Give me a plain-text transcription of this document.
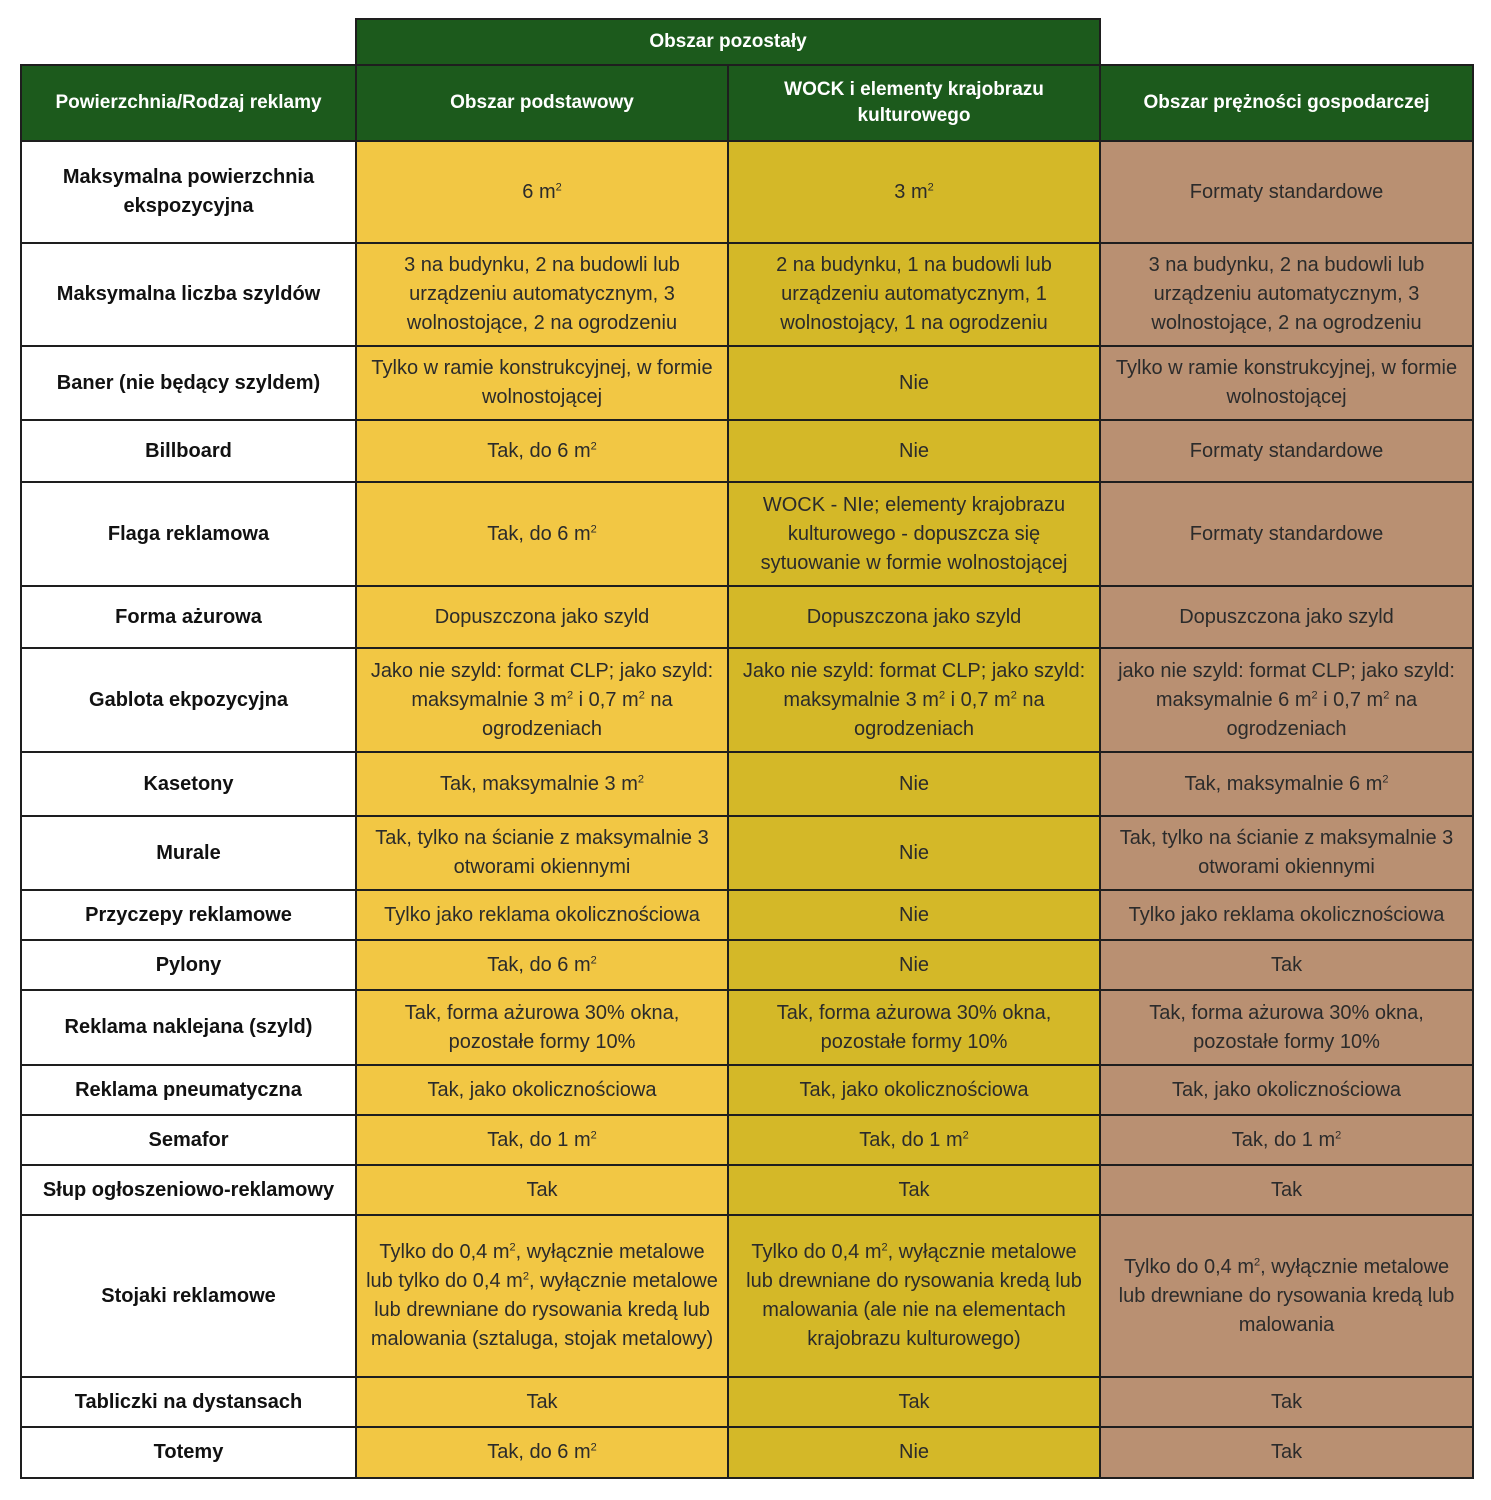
	Obszar pozostały		
Powierzchnia/Rodzaj reklamy	Obszar podstawowy	WOCK i elementy krajobrazu kulturowego	Obszar prężności gospodarczej
Maksymalna powierzchnia ekspozycyjna	6 $m^2$	3 $m^2$	Formaty standardowe
Maksymalna liczba szyldów	3 na budynku, 2 na budowli lub urządzeniu automatycznym, 3 wolnostojące, 2 na ogrodzeniu	2 na budynku, 1 na budowli lub urządzeniu automatycznym, 1 wolnostojący, 1 na ogrodzeniu	3 na budynku, 2 na budowli lub urządzeniu automatycznym, 3 wolnostojące, 2 na ogrodzeniu
Baner (nie będący szyldem)	Tylko w ramie konstrukcyjnej, w formie wolnostojącej	Nie	Tylko w ramie konstrukcyjnej, w formie wolnostojącej
Billboard	Tak, do 6 $m^2$	Nie	Formaty standardowe
Flaga reklamowa	Tak, do 6 $m^2$	WOCK - NIe; elementy krajobrazu kulturowego - dopuszcza się sytuowanie w formie wolnostojącej	Formaty standardowe
Forma ażurowa	Dopuszczona jako szyld	Dopuszczona jako szyld	Dopuszczona jako szyld
Gablota ekpozycyjna	Jako nie szyld: format CLP; jako szyld: maksymalnie 3 $m^2$ i 0,7 $m^2$ na ogrodzeniach	Jako nie szyld: format CLP; jako szyld: maksymalnie 3 $m^2$ i 0,7 $m^2$ na ogrodzeniach	jako nie szyld: format CLP; jako szyld: maksymalnie 6 $m^2$ i 0,7 $m^2$ na ogrodzeniach
Kasetony	Tak, maksymalnie 3 $m^2$	Nie	Tak, maksymalnie 6 $m^2$
Murale	Tak, tylko na ścianie z maksymalnie 3 otworami okiennymi	Nie	Tak, tylko na ścianie z maksymalnie 3 otworami okiennymi
Przyczepy reklamowe	Tylko jako reklama okolicznościowa	Nie	Tylko jako reklama okolicznościowa
Pylony	Tak, do 6 $m^2$	Nie	Tak
Reklama naklejana (szyld)	Tak, forma ażurowa 30% okna, pozostałe formy 10%	Tak, forma ażurowa 30% okna, pozostałe formy 10%	Tak, forma ażurowa 30% okna, pozostałe formy 10%
Reklama pneumatyczna	Tak, jako okolicznościowa	Tak, jako okolicznościowa	Tak, jako okolicznościowa
Semafor	Tak, do 1 $m^2$	Tak, do 1 $m^2$	Tak, do 1 $m^2$
Słup ogłoszeniowo-reklamowy	Tak	Tak	Tak
Stojaki reklamowe	Tylko do 0,4 $m^2$, wyłącznie metalowe lub tylko do 0,4 $m^2$, wyłącznie metalowe lub drewniane do rysowania kredą lub malowania (sztaluga, stojak metalowy)	Tylko do 0,4 $m^2$, wyłącznie metalowe lub drewniane do rysowania kredą lub malowania (ale nie na elementach krajobrazu kulturowego)	Tylko do 0,4 $m^2$, wyłącznie metalowe lub drewniane do rysowania kredą lub malowania
Tabliczki na dystansach	Tak	Tak	Tak
Totemy	Tak, do 6 $m^2$	Nie	Tak
